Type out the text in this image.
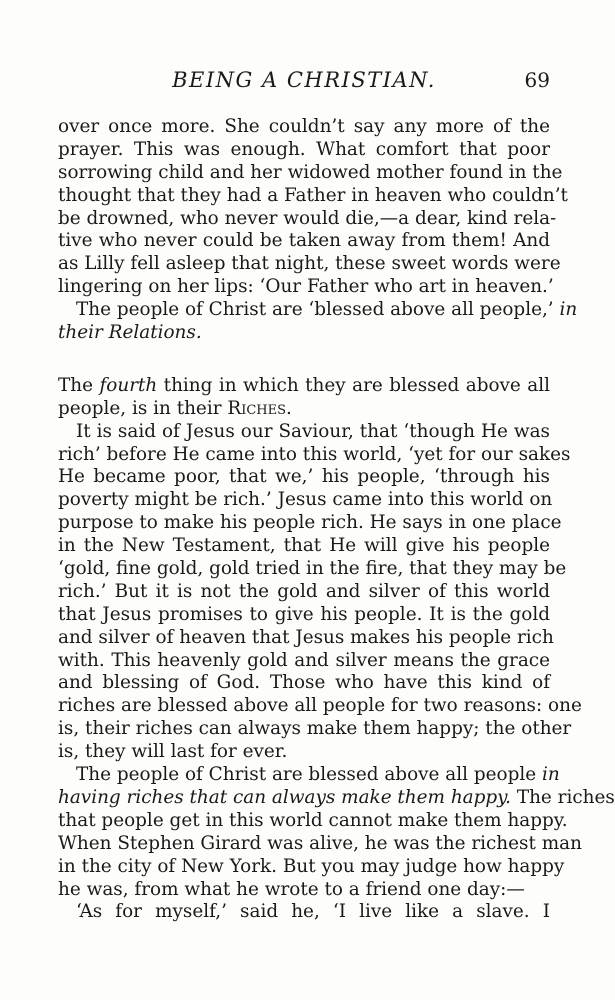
BEING A CHRISTIAN.	69
over once more. She couldn’t say any more of the
prayer. This was enough. What comfort that poor
sorrowing child and her widowed mother found in the
thought that they had a Father in heaven who couldn’t
be drowned, who never would die,—a dear, kind rela-
tive who never could be taken away from them! And
as Lilly fell asleep that night, these sweet words were
lingering on her lips: ‘Our Father who art in heaven.’
The people of Christ are ‘blessed above all people,’ in
their Relations.
The fourth thing in which they are blessed above all
people, is in their Riches.
It is said of Jesus our Saviour, that ‘though He was
rich’ before He came into this world, ‘yet for our sakes
He became poor, that we,’ his people, ‘through his
poverty might be rich.’ Jesus came into this world on
purpose to make his people rich. He says in one place
in the New Testament, that He will give his people
‘gold, fine gold, gold tried in the fire, that they may be
rich.’ But it is not the gold and silver of this world
that Jesus promises to give his people. It is the gold
and silver of heaven that Jesus makes his people rich
with. This heavenly gold and silver means the grace
and blessing of God. Those who have this kind of
riches are blessed above all people for two reasons: one
is, their riches can always make them happy; the other
is, they will last for ever.
The people of Christ are blessed above all people in
having riches that can always make them happy. The riches
that people get in this world cannot make them happy.
When Stephen Girard was alive, he was the richest man
in the city of New York. But you may judge how happy
he was, from what he wrote to a friend one day:—
‘As for myself,’ said he, ‘I live like a slave. I
